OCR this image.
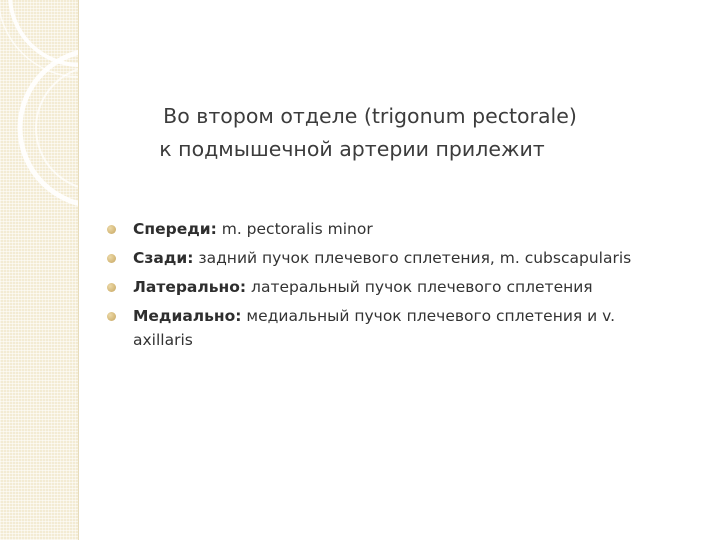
Во втором отделе (trigonum pectorale)
к подмышечной артерии прилежит
Спереди: m. pectoralis minor
Сзади: задний пучок плечевого сплетения, m. cubscapularis
Латерально: латеральный пучок плечевого сплетения
Медиально: медиальный пучок плечевого сплетения и v. axillaris
